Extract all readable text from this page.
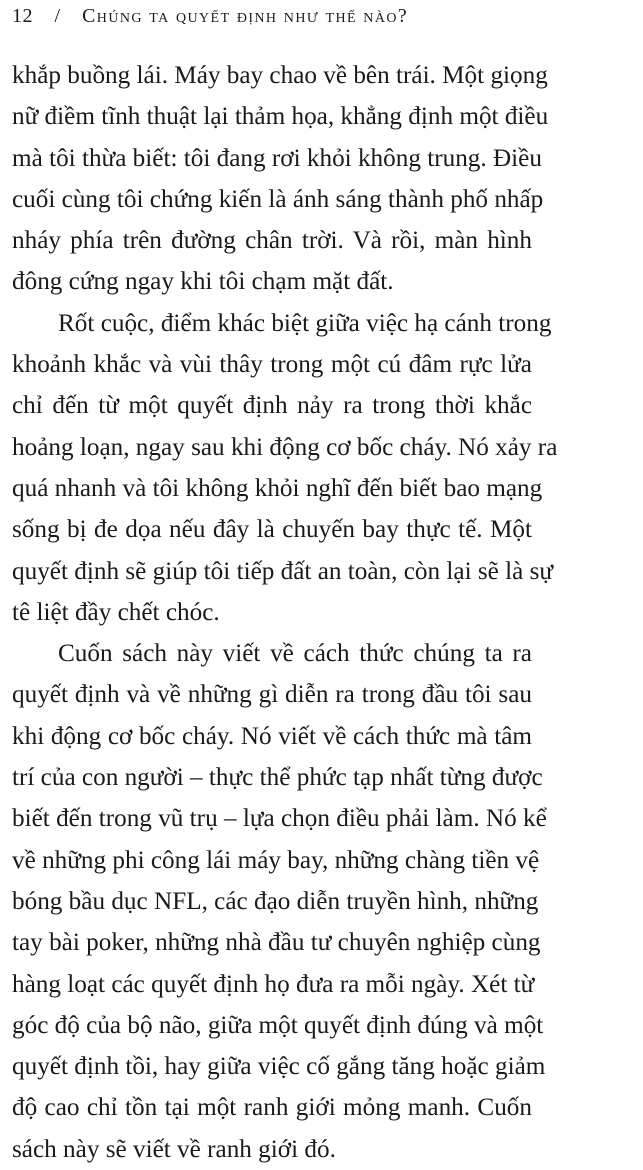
12 / Chúng ta quyết định như thế nào?
khắp buồng lái. Máy bay chao về bên trái. Một giọng
nữ điềm tĩnh thuật lại thảm họa, khẳng định một điều
mà tôi thừa biết: tôi đang rơi khỏi không trung. Điều
cuối cùng tôi chứng kiến là ánh sáng thành phố nhấp
nháy phía trên đường chân trời. Và rồi, màn hình
đông cứng ngay khi tôi chạm mặt đất.
Rốt cuộc, điểm khác biệt giữa việc hạ cánh trong
khoảnh khắc và vùi thây trong một cú đâm rực lửa
chỉ đến từ một quyết định nảy ra trong thời khắc
hoảng loạn, ngay sau khi động cơ bốc cháy. Nó xảy ra
quá nhanh và tôi không khỏi nghĩ đến biết bao mạng
sống bị đe dọa nếu đây là chuyến bay thực tế. Một
quyết định sẽ giúp tôi tiếp đất an toàn, còn lại sẽ là sự
tê liệt đầy chết chóc.
Cuốn sách này viết về cách thức chúng ta ra
quyết định và về những gì diễn ra trong đầu tôi sau
khi động cơ bốc cháy. Nó viết về cách thức mà tâm
trí của con người – thực thể phức tạp nhất từng được
biết đến trong vũ trụ – lựa chọn điều phải làm. Nó kể
về những phi công lái máy bay, những chàng tiền vệ
bóng bầu dục NFL, các đạo diễn truyền hình, những
tay bài poker, những nhà đầu tư chuyên nghiệp cùng
hàng loạt các quyết định họ đưa ra mỗi ngày. Xét từ
góc độ của bộ não, giữa một quyết định đúng và một
quyết định tồi, hay giữa việc cố gắng tăng hoặc giảm
độ cao chỉ tồn tại một ranh giới mỏng manh. Cuốn
sách này sẽ viết về ranh giới đó.
